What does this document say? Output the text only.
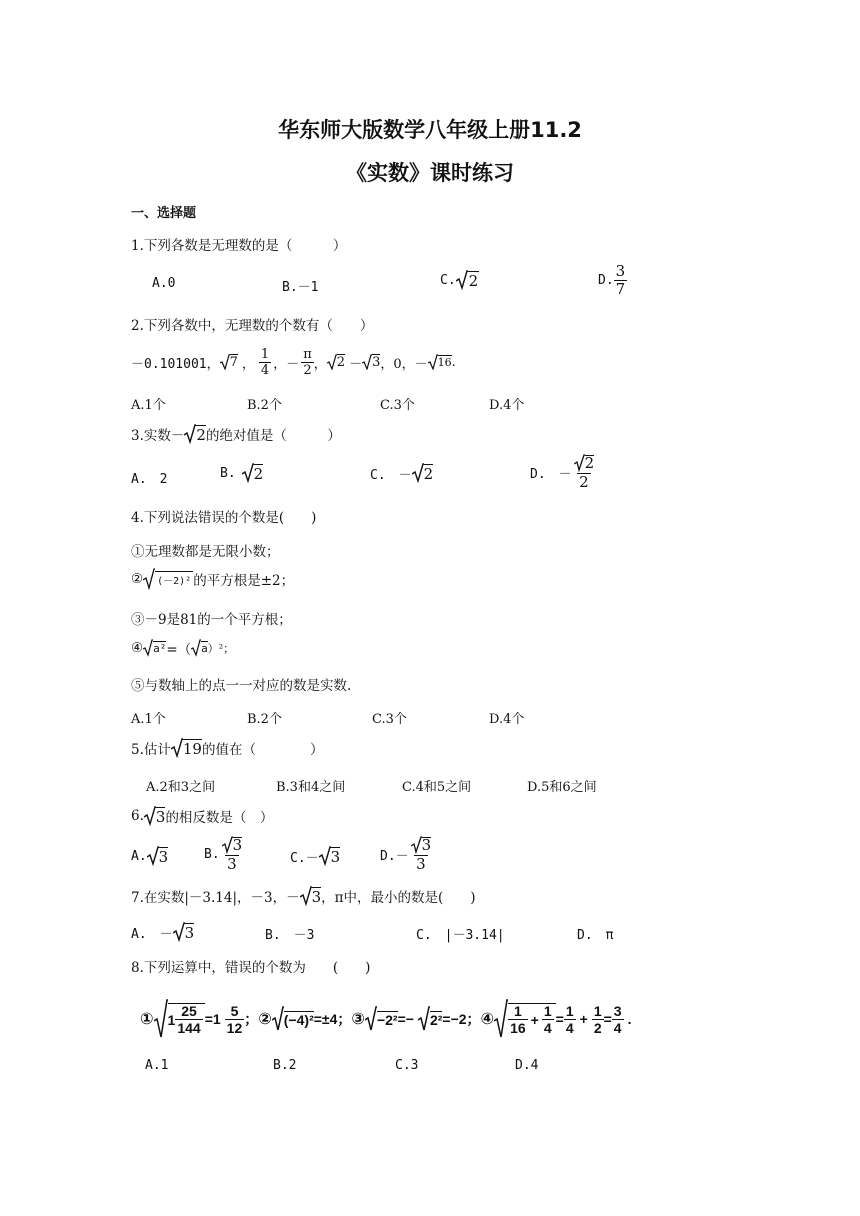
华东师大版数学八年级上册11.2
《实数》课时练习
一、选择题
1.下列各数是无理数的是（　　　）
A.0	B.－1	C. 2	D. $\frac{3}{7}$
2.下列各数中，无理数的个数有（　　）
－0.101001， 7 ， $\frac{1}{4}$ ，－ $\frac{\pi}{2}$ ， 2 － 3 ，0，－ 16 .
A.1个	B.2个	C.3个	D.4个
3.实数－ 2 的绝对值是（　　　）
A.　2	B. 2	C.　－ 2	D.　－ $\frac{2}{2}$
4.下列说法错误的个数是(　　)
①无理数都是无限小数；
② (－2)² 的平方根是±2；
③－9是81的一个平方根；
④ a² =（ a ）²；
⑤与数轴上的点一一对应的数是实数.
A.1个	B.2个	C.3个	D.4个
5.估计 19 的值在（　　　　）
A.2和3之间	B.3和4之间	C.4和5之间	D.5和6之间
6. 3 的相反数是（　）
A. 3	B. $\frac{3}{3}$	C.－ 3	$D.- \frac{3}{3}$
7.在实数|－3.14|，－3，－ 3 ，π中，最小的数是(　　)
A.　－ 3	B.　－3	C.　|－3.14|	D.　π
8.下列运算中，错误的个数为　　(　　)
① $1 \frac{25}{144} =1 \frac{5}{12}$ ； ② (−4)² =±4 ； ③ −2² =− 2² =−2 ； ④ $\frac{1}{16} + \frac{1}{4} = \frac{1}{4} + \frac{1}{2} = \frac{3}{4}$ .
A.1	B.2	C.3	D.4
